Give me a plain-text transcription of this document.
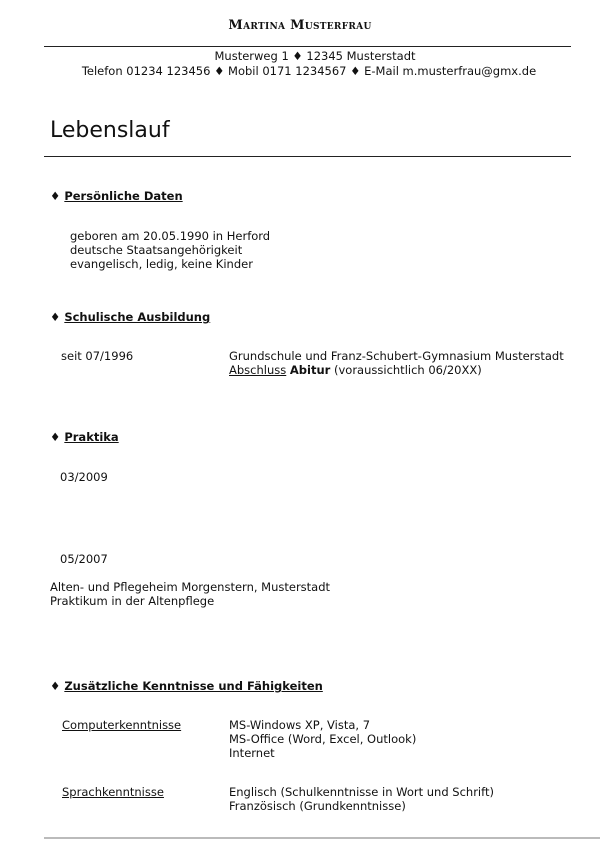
Martina Musterfrau
Musterweg 1 ♦ 12345 Musterstadt
Telefon 01234 123456 ♦ Mobil 0171 1234567 ♦ E-Mail m.musterfrau@gmx.de
Lebenslauf
♦ Persönliche Daten
geboren am 20.05.1990 in Herford
deutsche Staatsangehörigkeit
evangelisch, ledig, keine Kinder
♦ Schulische Ausbildung
seit 07/1996	Grundschule und Franz-Schubert-Gymnasium Musterstadt
Abschluss Abitur (voraussichtlich 06/20XX)
♦ Praktika
03/2009
05/2007
Alten- und Pflegeheim Morgenstern, Musterstadt
Praktikum in der Altenpflege
♦ Zusätzliche Kenntnisse und Fähigkeiten
Computerkenntnisse	MS-Windows XP, Vista, 7
MS-Office (Word, Excel, Outlook)
Internet
Sprachkenntnisse	Englisch (Schulkenntnisse in Wort und Schrift)
Französisch (Grundkenntnisse)
